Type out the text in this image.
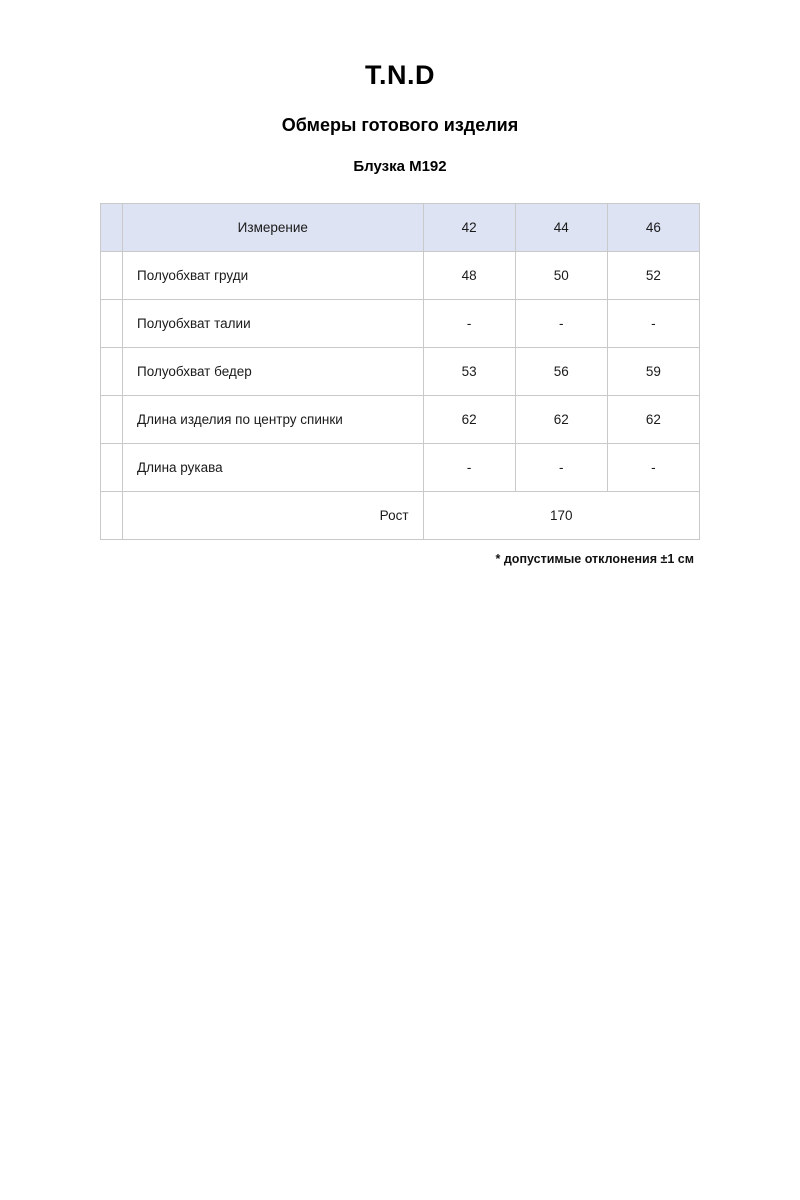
T.N.D
Обмеры готового изделия
Блузка М192
	Измерение	42	44	46
	Полуобхват груди	48	50	52
	Полуобхват талии	-	-	-
	Полуобхват бедер	53	56	59
	Длина изделия по центру спинки	62	62	62
	Длина рукава	-	-	-
	Рост	170		
* допустимые отклонения ±1 см
